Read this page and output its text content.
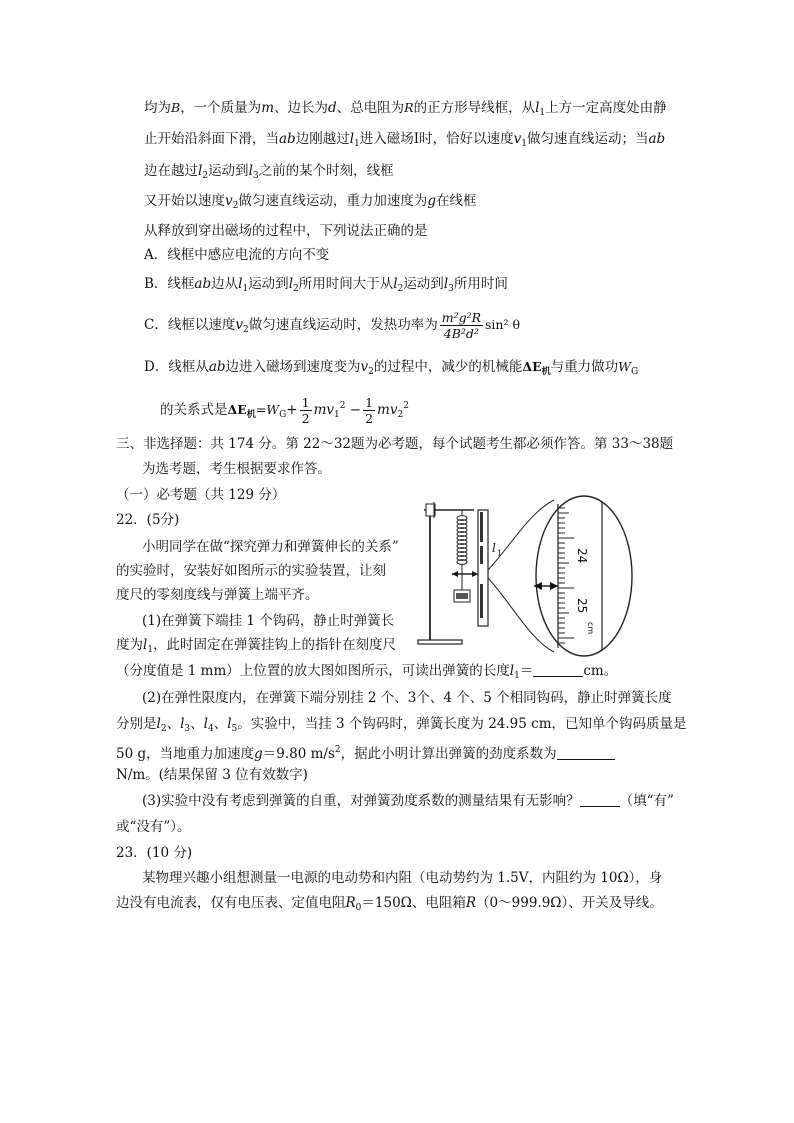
均为B，一个质量为m、边长为d、总电阻为R的正方形导线框，从$l_1$上方一定高度处由静
止开始沿斜面下滑，当ab边刚越过$l_1$进入磁场Ⅰ时，恰好以速度$v_1$做匀速直线运动；当ab
边在越过$l_2$运动到$l_3$之前的某个时刻，线框
又开始以速度$v_2$做匀速直线运动，重力加速度为g在线框
从释放到穿出磁场的过程中，下列说法正确的是
A．线框中感应电流的方向不变
B．线框ab边从$l_1$运动到$l_2$所用时间大于从$l_2$运动到$l_3$所用时间
C．线框以速度$v_2$做匀速直线运动时，发热功率为 $\frac{\text{m²g²R}}{\text{4B²d²}} \sin^2$ θ
D．线框从ab边进入磁场到速度变为$v_2$的过程中，减少的机械能$\Delta E_机$与重力做功$W_G$
的关系式是$\Delta E_机=W_G+ \frac{1}{2} mv_1^2 - \frac{1}{2} mv_2^2$
三、非选择题：共 174 分。第 22～32题为必考题，每个试题考生都必须作答。第 33～38题
为选考题，考生根据要求作答。
（一）必考题（共 129 分）
22．(5分)
小明同学在做“探究弹力和弹簧伸长的关系”
的实验时，安装好如图所示的实验装置，让刻
度尺的零刻度线与弹簧上端平齐。
(1)在弹簧下端挂 1 个钩码，静止时弹簧长
度为$l_1$，此时固定在弹簧挂钩上的指针在刻度尺
（分度值是 1 mm）上位置的放大图如图所示，可读出弹簧的长度$l_1=$	cm。
l 1	24
25
cm
(2)在弹性限度内，在弹簧下端分别挂 2 个、3个、4 个、5 个相同钩码，静止时弹簧长度
分别是$l_2$、$l_3$、$l_4$、$l_5$。实验中，当挂 3 个钩码时，弹簧长度为 24.95 cm，已知单个钩码质量是
50 g，当地重力加速度g＝9.80 $m/s^2$，据此小明计算出弹簧的劲度系数为
N/m。(结果保留 3 位有效数字)
(3)实验中没有考虑到弹簧的自重，对弹簧劲度系数的测量结果有无影响？	（填“有”
或“没有”）。
23．(10 分)
某物理兴趣小组想测量一电源的电动势和内阻（电动势约为 1.5V，内阻约为 10Ω），身
边没有电流表，仅有电压表、定值电阻$R_0=150\Omega$、电阻箱R（0～999.9Ω）、开关及导线。
